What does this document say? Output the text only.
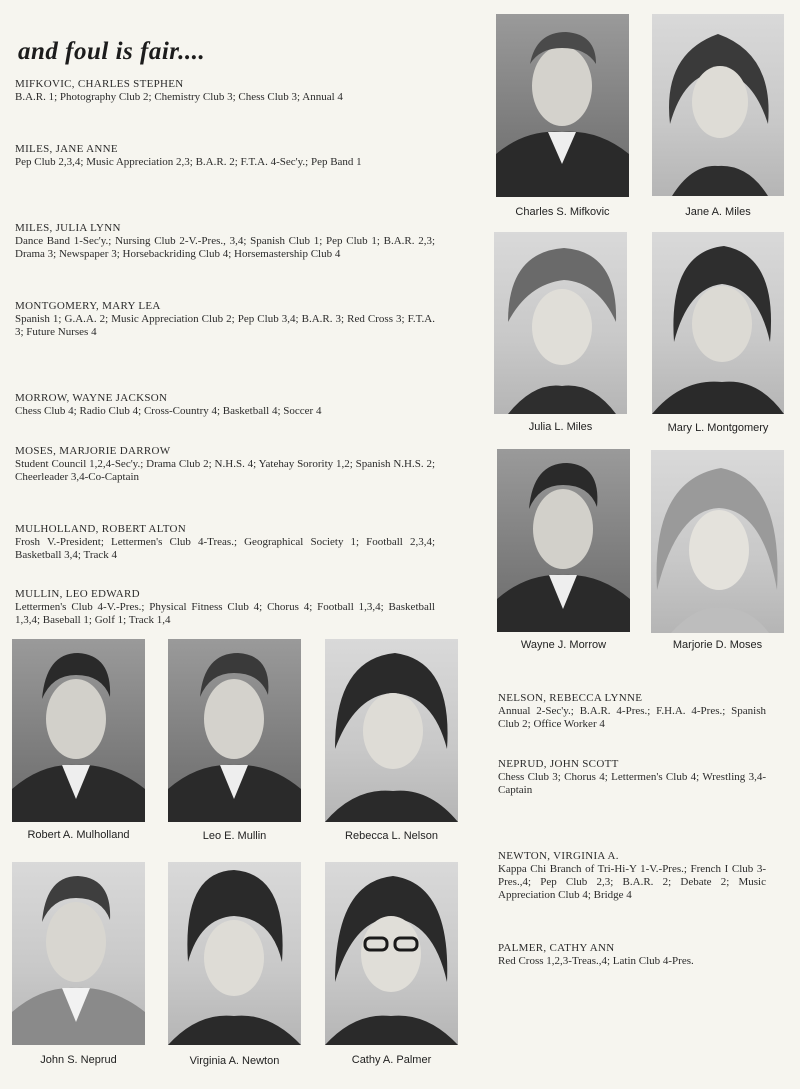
and foul is fair....
MIFKOVIC, CHARLES STEPHEN
B.A.R. 1; Photography Club 2; Chemistry Club 3; Chess Club 3; Annual 4
MILES, JANE ANNE
Pep Club 2,3,4; Music Appreciation 2,3; B.A.R. 2; F.T.A. 4-Sec'y.; Pep Band 1
MILES, JULIA LYNN
Dance Band 1-Sec'y.; Nursing Club 2-V.-Pres., 3,4; Spanish Club 1; Pep Club 1; B.A.R. 2,3; Drama 3; Newspaper 3; Horsebackriding Club 4; Horsemastership Club 4
MONTGOMERY, MARY LEA
Spanish 1; G.A.A. 2; Music Appreciation Club 2; Pep Club 3,4; B.A.R. 3; Red Cross 3; F.T.A. 3; Future Nurses 4
MORROW, WAYNE JACKSON
Chess Club 4; Radio Club 4; Cross-Country 4; Basketball 4; Soccer 4
MOSES, MARJORIE DARROW
Student Council 1,2,4-Sec'y.; Drama Club 2; N.H.S. 4; Yatehay Sorority 1,2; Spanish N.H.S. 2; Cheerleader 3,4-Co-Captain
MULHOLLAND, ROBERT ALTON
Frosh V.-President; Lettermen's Club 4-Treas.; Geographical Society 1; Football 2,3,4; Basketball 3,4; Track 4
MULLIN, LEO EDWARD
Lettermen's Club 4-V.-Pres.; Physical Fitness Club 4; Chorus 4; Football 1,3,4; Basketball 1,3,4; Baseball 1; Golf 1; Track 1,4
NELSON, REBECCA LYNNE
Annual 2-Sec'y.; B.A.R. 4-Pres.; F.H.A. 4-Pres.; Spanish Club 2; Office Worker 4
NEPRUD, JOHN SCOTT
Chess Club 3; Chorus 4; Lettermen's Club 4; Wrestling 3,4-Captain
NEWTON, VIRGINIA A.
Kappa Chi Branch of Tri-Hi-Y 1-V.-Pres.; French I Club 3-Pres.,4; Pep Club 2,3; B.A.R. 2; Debate 2; Music Appreciation Club 4; Bridge 4
PALMER, CATHY ANN
Red Cross 1,2,3-Treas.,4; Latin Club 4-Pres.
Charles S. Mifkovic	Jane A. Miles
Julia L. Miles	Mary L. Montgomery
Wayne J. Morrow	Marjorie D. Moses
Robert A. Mulholland	Leo E. Mullin	Rebecca L. Nelson
John S. Neprud	Virginia A. Newton	Cathy A. Palmer
